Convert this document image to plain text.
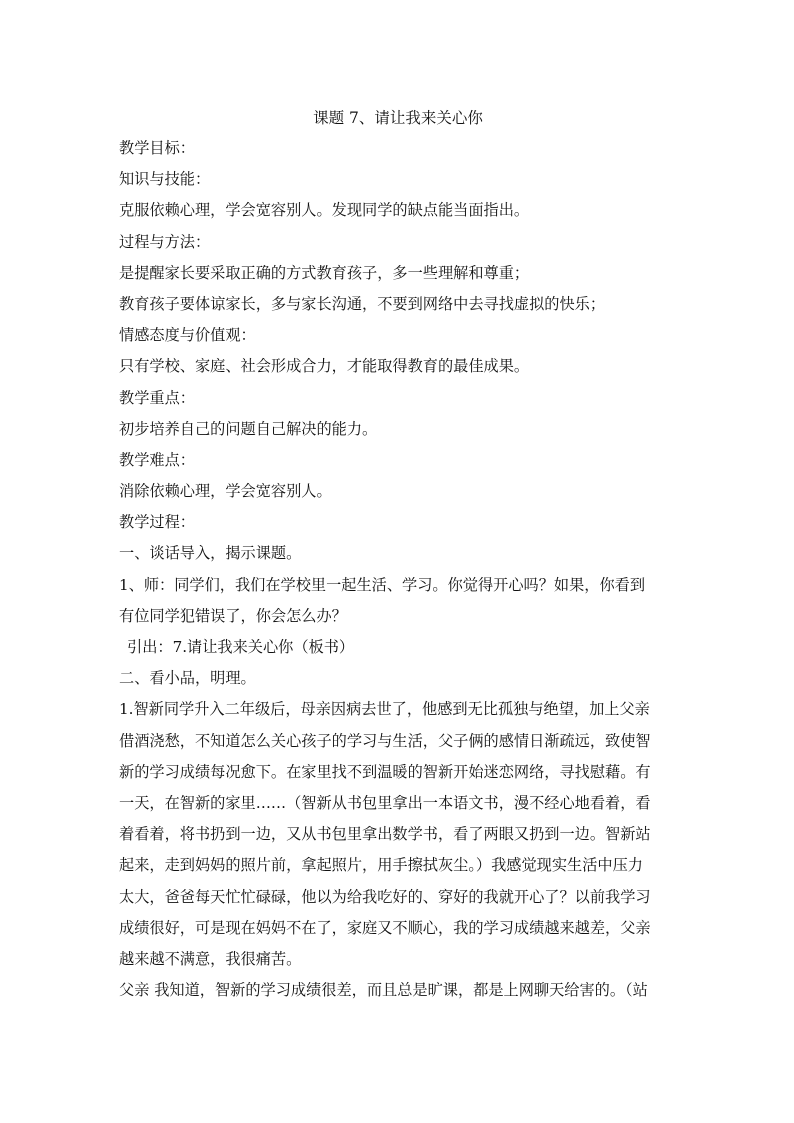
课题 7、请让我来关心你

教学目标：

知识与技能：

克服依赖心理，学会宽容别人。发现同学的缺点能当面指出。

过程与方法：

是提醒家长要采取正确的方式教育孩子，多一些理解和尊重；

教育孩子要体谅家长，多与家长沟通，不要到网络中去寻找虚拟的快乐；

情感态度与价值观：

只有学校、家庭、社会形成合力，才能取得教育的最佳成果。

教学重点：

初步培养自己的问题自己解决的能力。

教学难点：

消除依赖心理，学会宽容别人。

教学过程：

一、谈话导入，揭示课题。

1、师：同学们，我们在学校里一起生活、学习。你觉得开心吗？如果，你看到

有位同学犯错误了，你会怎么办？

引出：7.请让我来关心你（板书）

二、看小品，明理。

1.智新同学升入二年级后，母亲因病去世了，他感到无比孤独与绝望，加上父亲

借酒浇愁，不知道怎么关心孩子的学习与生活，父子俩的感情日渐疏远，致使智

新的学习成绩每况愈下。在家里找不到温暖的智新开始迷恋网络，寻找慰藉。有

一天，在智新的家里……（智新从书包里拿出一本语文书，漫不经心地看着，看

着看着，将书扔到一边，又从书包里拿出数学书，看了两眼又扔到一边。智新站

起来，走到妈妈的照片前，拿起照片，用手擦拭灰尘。）我感觉现实生活中压力

太大，爸爸每天忙忙碌碌，他以为给我吃好的、穿好的我就开心了？以前我学习

成绩很好，可是现在妈妈不在了，家庭又不顺心，我的学习成绩越来越差，父亲

越来越不满意，我很痛苦。

父亲 我知道，智新的学习成绩很差，而且总是旷课，都是上网聊天给害的。（站
